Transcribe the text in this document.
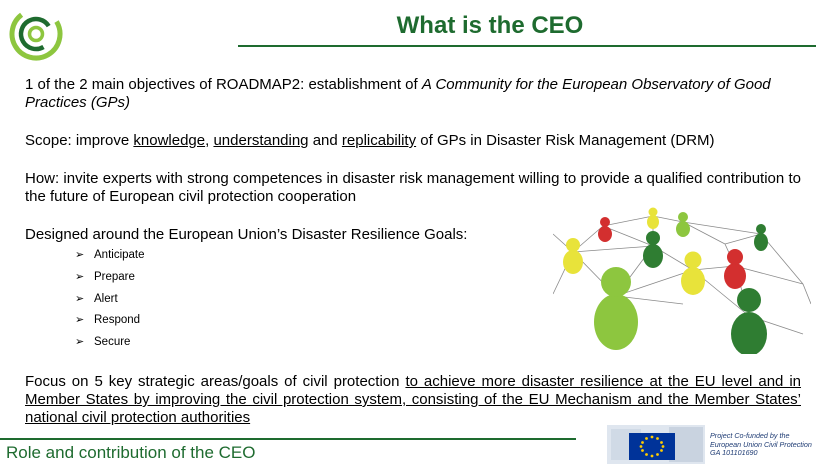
What is the CEO
1 of the 2 main objectives of ROADMAP2: establishment of A Community for the European Observatory of Good Practices (GPs)
Scope: improve knowledge, understanding and replicability of GPs in Disaster Risk Management (DRM)
How: invite experts with strong competences in disaster risk management willing to provide a qualified contribution to the future of European civil protection cooperation
Designed around the European Union’s Disaster Resilience Goals:
➢ Anticipate
➢ Prepare
➢ Alert
➢ Respond
➢ Secure
Focus on 5 key strategic areas/goals of civil protection to achieve more disaster resilience at the EU level and in Member States by improving the civil protection system, consisting of the EU Mechanism and the Member States’ national civil protection authorities
Role and contribution of the CEO
Project Co-funded by the
European Union Civil Protection
GA 101101690
